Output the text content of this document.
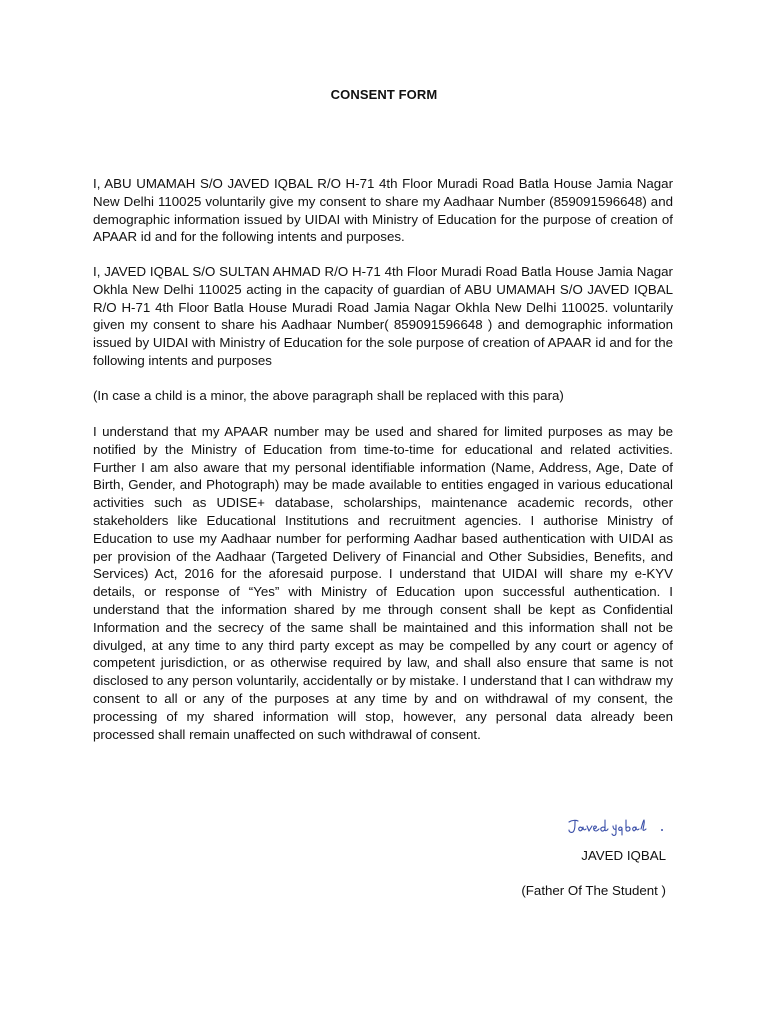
CONSENT FORM

I, ABU UMAMAH S/O JAVED IQBAL R/O H-71 4th Floor Muradi Road Batla House Jamia Nagar New Delhi 110025 voluntarily give my consent to share my Aadhaar Number (859091596648) and demographic information issued by UIDAI with Ministry of Education for the purpose of creation of APAAR id and for the following intents and purposes.

I, JAVED IQBAL S/O SULTAN AHMAD R/O H-71 4th Floor Muradi Road Batla House Jamia Nagar Okhla New Delhi 110025 acting in the capacity of guardian of ABU UMAMAH S/O JAVED IQBAL R/O H-71 4th Floor Batla House Muradi Road Jamia Nagar Okhla New Delhi 110025. voluntarily given my consent to share his Aadhaar Number( 859091596648 ) and demographic information issued by UIDAI with Ministry of Education for the sole purpose of creation of APAAR id and for the following intents and purposes

(In case a child is a minor, the above paragraph shall be replaced with this para)

I understand that my APAAR number may be used and shared for limited purposes as may be notified by the Ministry of Education from time-to-time for educational and related activities. Further I am also aware that my personal identifiable information (Name, Address, Age, Date of Birth, Gender, and Photograph) may be made available to entities engaged in various educational activities such as UDISE+ database, scholarships, maintenance academic records, other stakeholders like Educational Institutions and recruitment agencies. I authorise Ministry of Education to use my Aadhaar number for performing Aadhar based authentication with UIDAI as per provision of the Aadhaar (Targeted Delivery of Financial and Other Subsidies, Benefits, and Services) Act, 2016 for the aforesaid purpose. I understand that UIDAI will share my e-KYV details, or response of “Yes” with Ministry of Education upon successful authentication. I understand that the information shared by me through consent shall be kept as Confidential Information and the secrecy of the same shall be maintained and this information shall not be divulged, at any time to any third party except as may be compelled by any court or agency of competent jurisdiction, or as otherwise required by law, and shall also ensure that same is not disclosed to any person voluntarily, accidentally or by mistake. I understand that I can withdraw my consent to all or any of the purposes at any time by and on withdrawal of my consent, the processing of my shared information will stop, however, any personal data already been processed shall remain unaffected on such withdrawal of consent.

JAVED IQBAL
(Father Of The Student )
